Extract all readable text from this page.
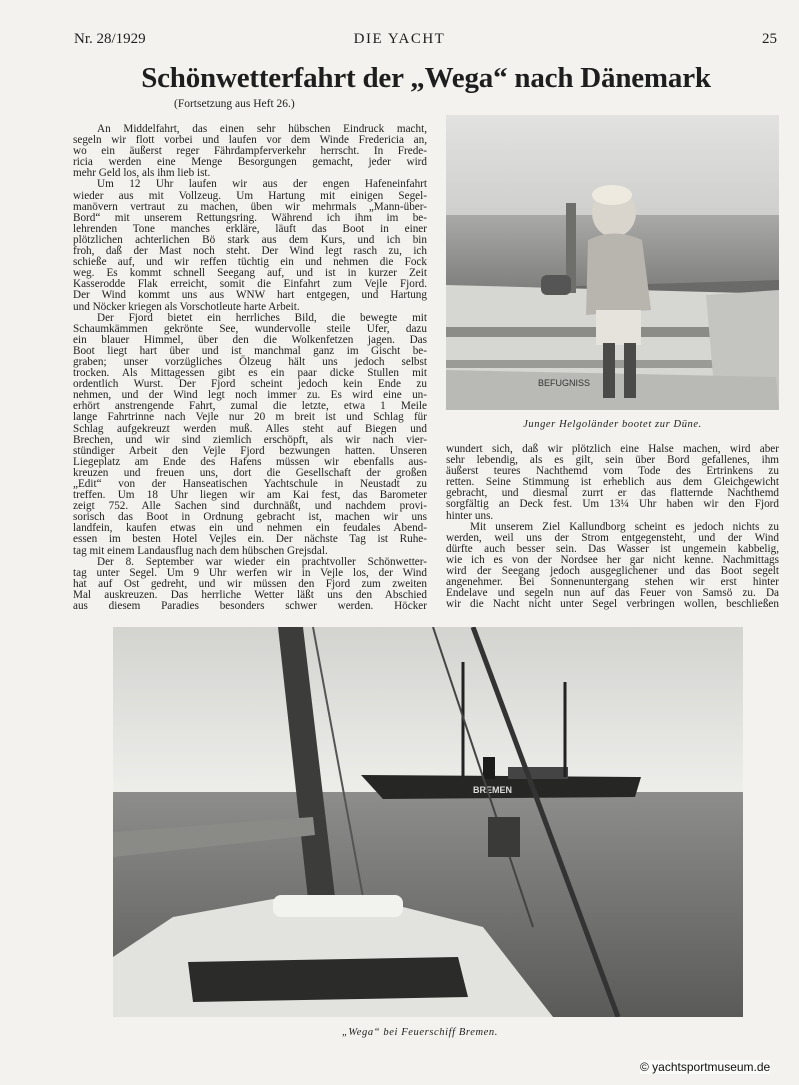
Nr. 28/1929	DIE YACHT	25
Schönwetterfahrt der „Wega“ nach Dänemark
(Fortsetzung aus Heft 26.)
An Middelfahrt, das einen sehr hübschen Eindruck macht,
segeln wir flott vorbei und laufen vor dem Winde Fredericia an,
wo ein äußerst reger Fährdampferverkehr herrscht. In Frede-
ricia werden eine Menge Besorgungen gemacht, jeder wird
mehr Geld los, als ihm lieb ist.
Um 12 Uhr laufen wir aus der engen Hafeneinfahrt
wieder aus mit Vollzeug. Um Hartung mit einigen Segel-
manövern vertraut zu machen, üben wir mehrmals „Mann-über-
Bord“ mit unserem Rettungsring. Während ich ihm im be-
lehrenden Tone manches erkläre, läuft das Boot in einer
plötzlichen achterlichen Bö stark aus dem Kurs, und ich bin
froh, daß der Mast noch steht. Der Wind legt rasch zu, ich
schieße auf, und wir reffen tüchtig ein und nehmen die Fock
weg. Es kommt schnell Seegang auf, und ist in kurzer Zeit
Kasserodde Flak erreicht, somit die Einfahrt zum Vejle Fjord.
Der Wind kommt uns aus WNW hart entgegen, und Hartung
und Nöcker kriegen als Vorschotleute harte Arbeit.
Der Fjord bietet ein herrliches Bild, die bewegte mit
Schaumkämmen gekrönte See, wundervolle steile Ufer, dazu
ein blauer Himmel, über den die Wolkenfetzen jagen. Das
Boot liegt hart über und ist manchmal ganz im Gischt be-
graben; unser vorzügliches Ölzeug hält uns jedoch selbst
trocken. Als Mittagessen gibt es ein paar dicke Stullen mit
ordentlich Wurst. Der Fjord scheint jedoch kein Ende zu
nehmen, und der Wind legt noch immer zu. Es wird eine un-
erhört anstrengende Fahrt, zumal die letzte, etwa 1 Meile
lange Fahrtrinne nach Vejle nur 20 m breit ist und Schlag für
Schlag aufgekreuzt werden muß. Alles steht auf Biegen und
Brechen, und wir sind ziemlich erschöpft, als wir nach vier-
stündiger Arbeit den Vejle Fjord bezwungen hatten. Unseren
Liegeplatz am Ende des Hafens müssen wir ebenfalls aus-
kreuzen und freuen uns, dort die Gesellschaft der großen
„Edit“ von der Hanseatischen Yachtschule in Neustadt zu
treffen. Um 18 Uhr liegen wir am Kai fest, das Barometer
zeigt 752. Alle Sachen sind durchnäßt, und nachdem provi-
sorisch das Boot in Ordnung gebracht ist, machen wir uns
landfein, kaufen etwas ein und nehmen ein feudales Abend-
essen im besten Hotel Vejles ein. Der nächste Tag ist Ruhe-
tag mit einem Landausflug nach dem hübschen Grejsdal.
Der 8. September war wieder ein prachtvoller Schönwetter-
tag unter Segel. Um 9 Uhr werfen wir in Vejle los, der Wind
hat auf Ost gedreht, und wir müssen den Fjord zum zweiten
Mal auskreuzen. Das herrliche Wetter läßt uns den Abschied
aus diesem Paradies besonders schwer werden. Höcker
wundert sich, daß wir plötzlich eine Halse machen, wird aber
sehr lebendig, als es gilt, sein über Bord gefallenes, ihm
äußerst teures Nachthemd vom Tode des Ertrinkens zu
retten. Seine Stimmung ist erheblich aus dem Gleichgewicht
gebracht, und diesmal zurrt er das flatternde Nachthemd
sorgfältig an Deck fest. Um 13¼ Uhr haben wir den Fjord
hinter uns.
Mit unserem Ziel Kallundborg scheint es jedoch nichts zu
werden, weil uns der Strom entgegensteht, und der Wind
dürfte auch besser sein. Das Wasser ist ungemein kabbelig,
wie ich es von der Nordsee her gar nicht kenne. Nachmittags
wird der Seegang jedoch ausgeglichener und das Boot segelt
angenehmer. Bei Sonnenuntergang stehen wir erst hinter
Endelave und segeln nun auf das Feuer von Samsö zu. Da
wir die Nacht nicht unter Segel verbringen wollen, beschließen
BEFUGNISS
Junger Helgoländer bootet zur Düne.
BREMEN
„Wega“ bei Feuerschiff Bremen.
© yachtsportmuseum.de
